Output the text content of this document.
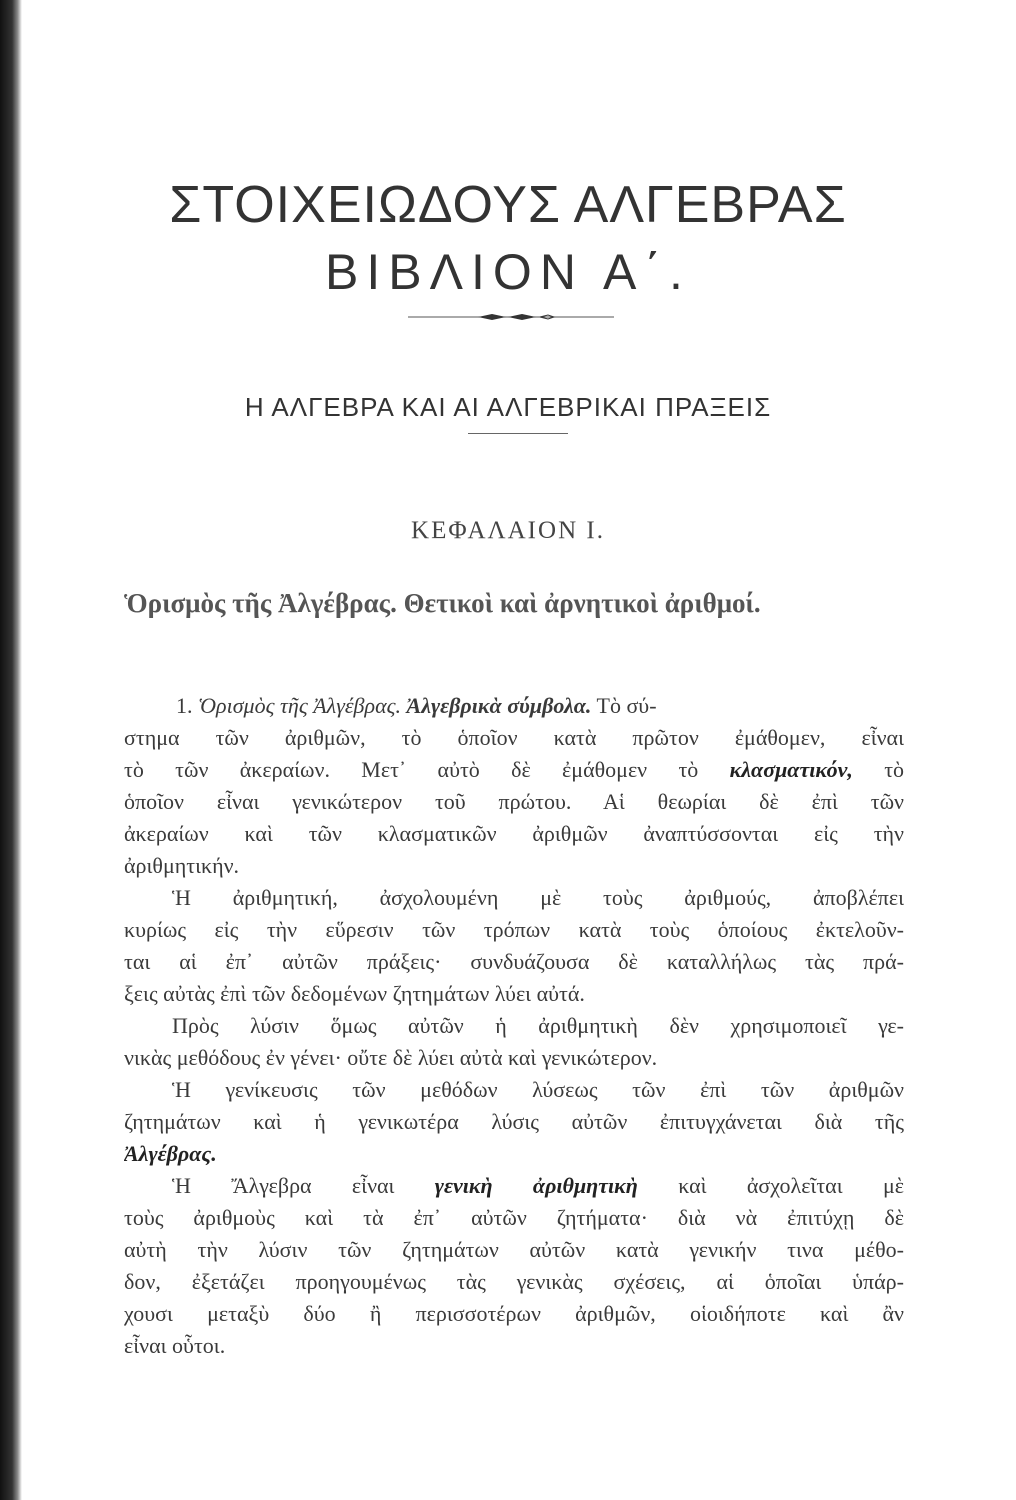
ΣΤΟΙΧΕΙΩΔΟΥΣ ΑΛΓΕΒΡΑΣ
ΒΙΒΛΙΟΝ Α΄.
Η ΑΛΓΕΒΡΑ ΚΑΙ ΑΙ ΑΛΓΕΒΡΙΚΑΙ ΠΡΑΞΕΙΣ
ΚΕΦΑΛΑΙΟΝ Ι.
Ὁρισμὸς τῆς Ἀλγέβρας. Θετικοὶ καὶ ἀρνητικοὶ ἀριθμοί.
1. Ὁρισμὸς τῆς Ἀλγέβρας. Ἀλγεβρικὰ σύμβολα. Τὸ σύ-
στημα τῶν ἀριθμῶν, τὸ ὁποῖον κατὰ πρῶτον ἐμάθομεν, εἶναι
τὸ τῶν ἀκεραίων. Μετ᾽ αὐτὸ δὲ ἐμάθομεν τὸ κλασματικόν, τὸ
ὁποῖον εἶναι γενικώτερον τοῦ πρώτου. Αἱ θεωρίαι δὲ ἐπὶ τῶν
ἀκεραίων καὶ τῶν κλασματικῶν ἀριθμῶν ἀναπτύσσονται εἰς τὴν
ἀριθμητικήν.
Ἡ ἀριθμητική, ἀσχολουμένη μὲ τοὺς ἀριθμούς, ἀποβλέπει
κυρίως εἰς τὴν εὕρεσιν τῶν τρόπων κατὰ τοὺς ὁποίους ἐκτελοῦν-
ται αἱ ἐπ᾽ αὐτῶν πράξεις· συνδυάζουσα δὲ καταλλήλως τὰς πρά-
ξεις αὐτὰς ἐπὶ τῶν δεδομένων ζητημάτων λύει αὐτά.
Πρὸς λύσιν ὅμως αὐτῶν ἡ ἀριθμητικὴ δὲν χρησιμοποιεῖ γε-
νικὰς μεθόδους ἐν γένει· οὔτε δὲ λύει αὐτὰ καὶ γενικώτερον.
Ἡ γενίκευσις τῶν μεθόδων λύσεως τῶν ἐπὶ τῶν ἀριθμῶν
ζητημάτων καὶ ἡ γενικωτέρα λύσις αὐτῶν ἐπιτυγχάνεται διὰ τῆς
Ἀλγέβρας.
Ἡ Ἄλγεβρα εἶναι γενικὴ ἀριθμητικὴ καὶ ἀσχολεῖται μὲ
τοὺς ἀριθμοὺς καὶ τὰ ἐπ᾽ αὐτῶν ζητήματα· διὰ νὰ ἐπιτύχῃ δὲ
αὐτὴ τὴν λύσιν τῶν ζητημάτων αὐτῶν κατὰ γενικήν τινα μέθο-
δον, ἐξετάζει προηγουμένως τὰς γενικὰς σχέσεις, αἱ ὁποῖαι ὑπάρ-
χουσι μεταξὺ δύο ἢ περισσοτέρων ἀριθμῶν, οἱοιδήποτε καὶ ἂν
εἶναι οὗτοι.
